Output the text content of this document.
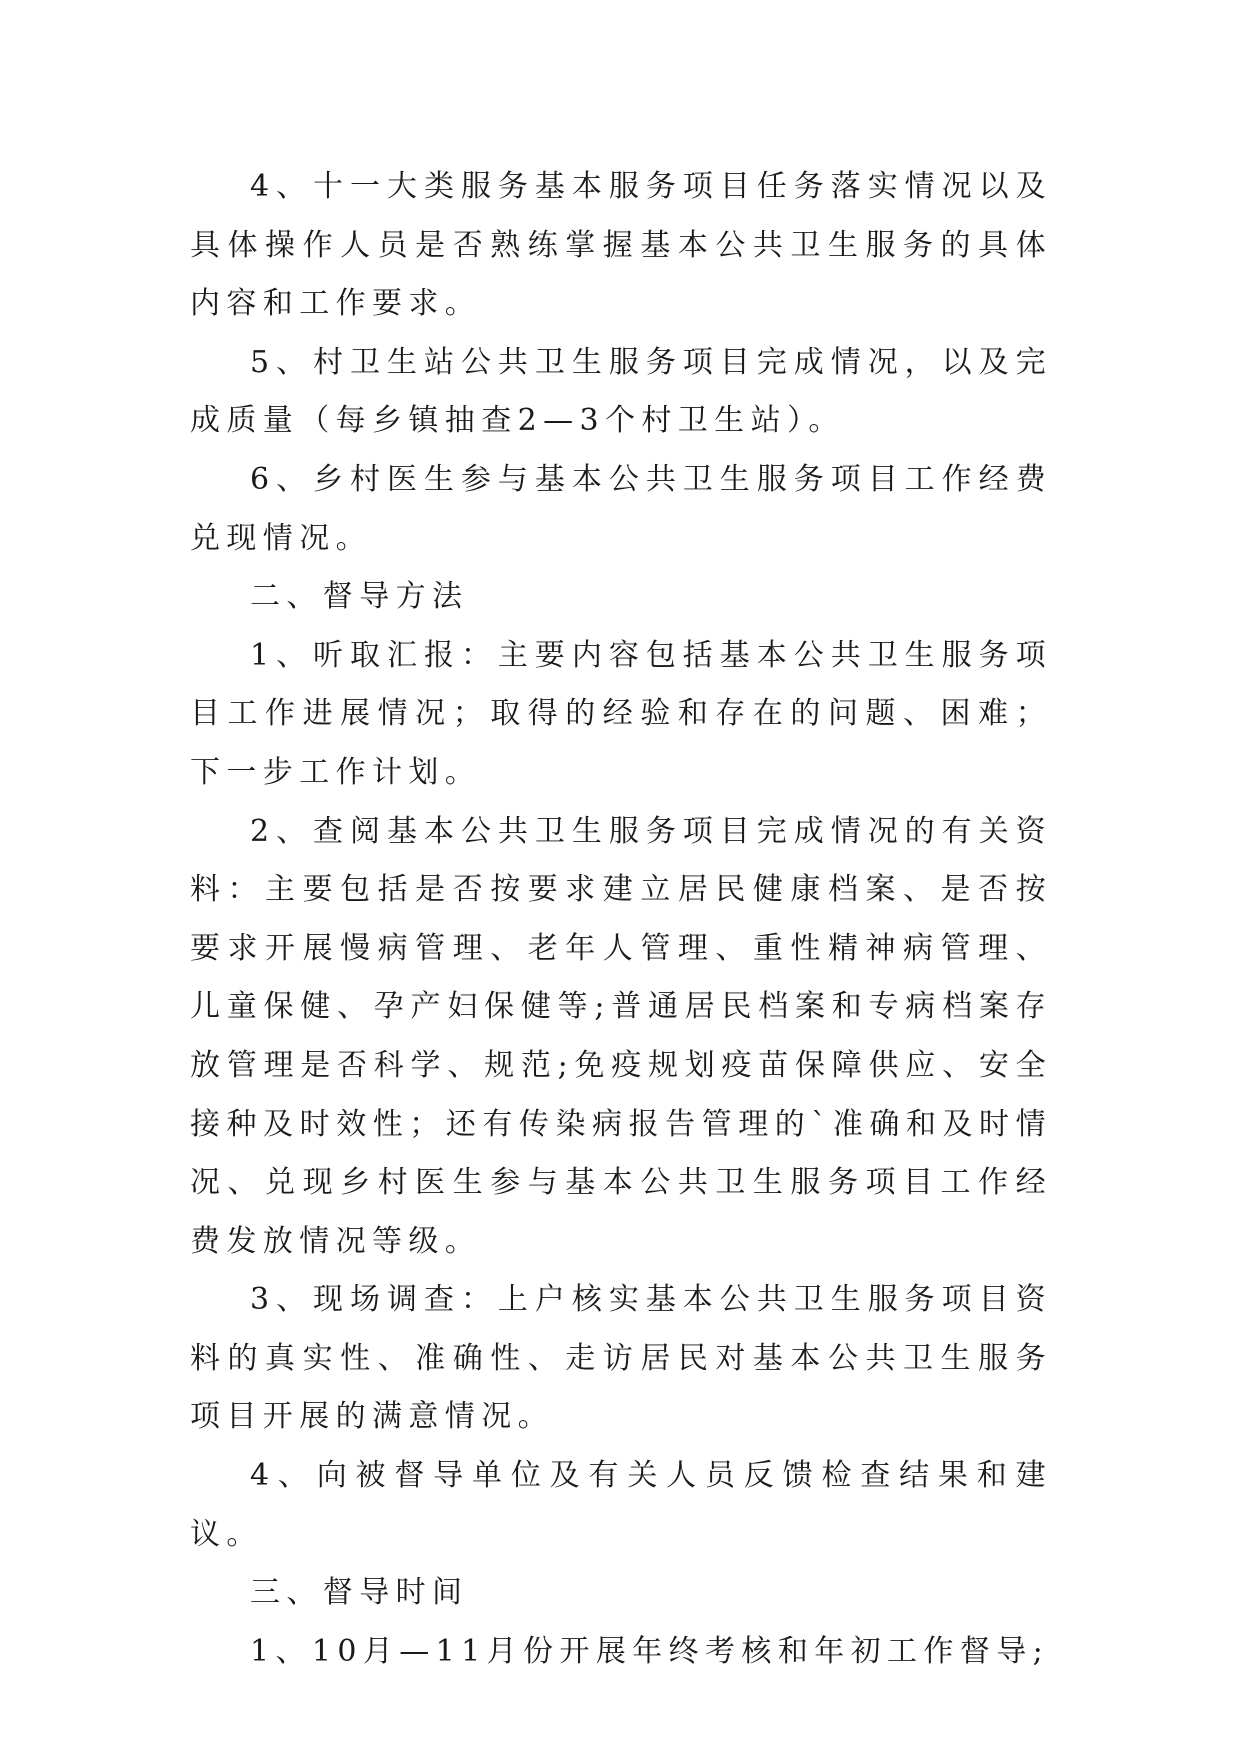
4、十一大类服务基本服务项目任务落实情况以及具体操作人员是否熟练掌握基本公共卫生服务的具体内容和工作要求。

5、村卫生站公共卫生服务项目完成情况，以及完成质量（每乡镇抽查2—3个村卫生站）。

6、乡村医生参与基本公共卫生服务项目工作经费兑现情况。

二、督导方法

1、听取汇报：主要内容包括基本公共卫生服务项目工作进展情况；取得的经验和存在的问题、困难；下一步工作计划。

2、查阅基本公共卫生服务项目完成情况的有关资料：主要包括是否按要求建立居民健康档案、是否按要求开展慢病管理、老年人管理、重性精神病管理、儿童保健、孕产妇保健等;普通居民档案和专病档案存放管理是否科学、规范;免疫规划疫苗保障供应、安全接种及时效性；还有传染病报告管理的`准确和及时情况、兑现乡村医生参与基本公共卫生服务项目工作经费发放情况等级。

3、现场调查：上户核实基本公共卫生服务项目资料的真实性、准确性、走访居民对基本公共卫生服务项目开展的满意情况。

4、向被督导单位及有关人员反馈检查结果和建议。

三、督导时间

1、10月—11月份开展年终考核和年初工作督导;
